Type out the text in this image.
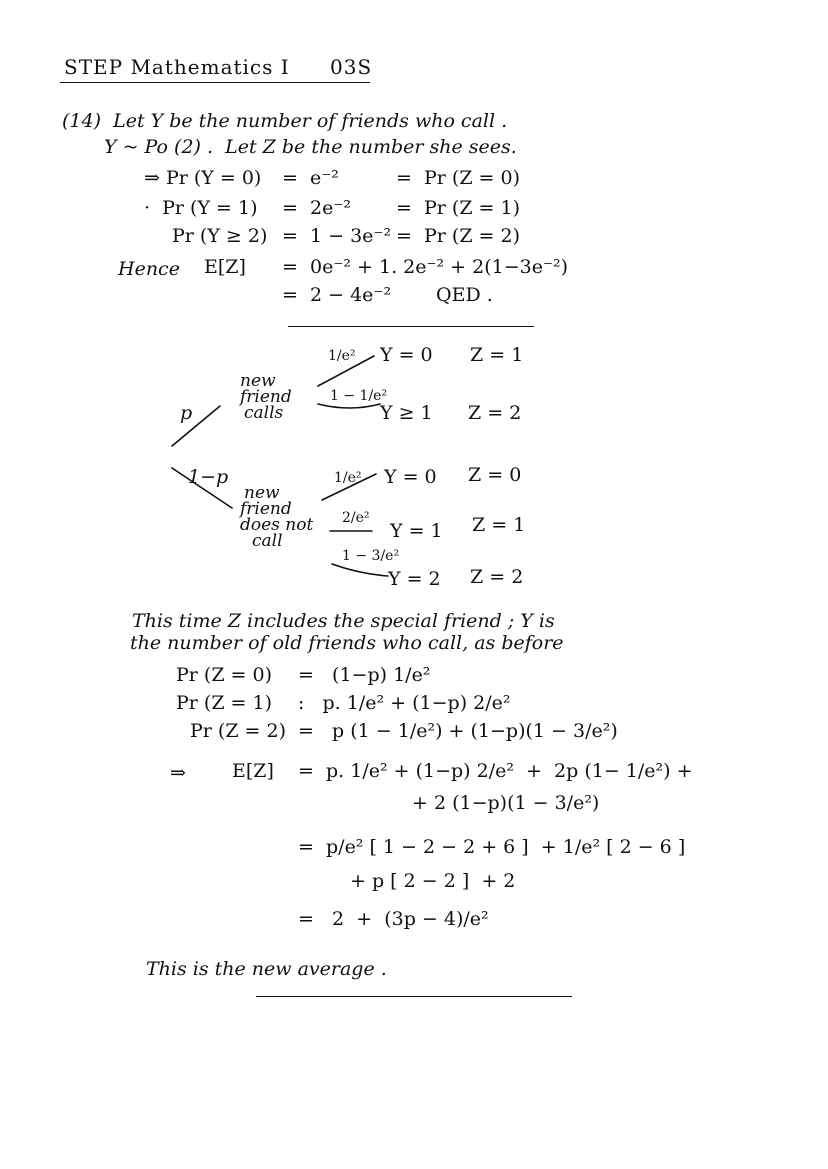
STEP Mathematics I 03S
(14)  Let Y be the number of friends who call .
Y ~ Po (2) .  Let Z be the number she sees.
⇒ Pr (Y = 0) =  e⁻²	=  Pr (Z = 0)
·  Pr (Y = 1) =  2e⁻² =  Pr (Z = 1)
Pr (Y ≥ 2) =  1 − 3e⁻² =  Pr (Z = 2)
Hence E[Z] =  0e⁻² + 1. 2e⁻² + 2(1−3e⁻²)
=  2 − 4e⁻² QED .
p
new
friend
calls
1/e² Y = 0 Z = 1
1 − 1/e²
Y ≥ 1 Z = 2
1−p
new
friend
does not
call
1/e² Y = 0 Z = 0
2/e²
Y = 1 Z = 1
1 − 3/e²
Y = 2 Z = 2
This time Z includes the special friend ; Y is
the number of old friends who call, as before
Pr (Z = 0) =   (1−p) 1/e²
Pr (Z = 1) :   p. 1/e² + (1−p) 2/e²
Pr (Z = 2) =   p (1 − 1/e²) + (1−p)(1 − 3/e²)
⇒ E[Z] =  p. 1/e² + (1−p) 2/e²  +  2p (1− 1/e²) +
+ 2 (1−p)(1 − 3/e²)
=  p/e² [ 1 − 2 − 2 + 6 ]  + 1/e² [ 2 − 6 ]
+ p [ 2 − 2 ]  + 2
=   2  +  (3p − 4)/e²
This is the new average .
